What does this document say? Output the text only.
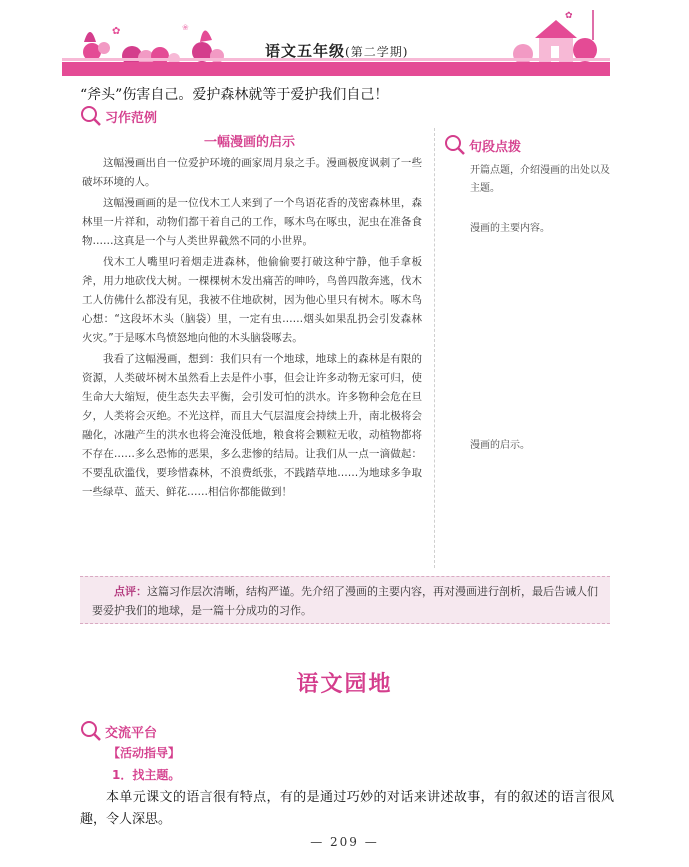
✿	❀
✿
语文五年级(第二学期)
“斧头”伤害自己。爱护森林就等于爱护我们自己！
习作范例
一幅漫画的启示

这幅漫画出自一位爱护环境的画家周月泉之手。漫画极度讽刺了一些破坏环境的人。

这幅漫画画的是一位伐木工人来到了一个鸟语花香的茂密森林里，森林里一片祥和，动物们都干着自己的工作，啄木鸟在啄虫，泥虫在准备食物……这真是一个与人类世界截然不同的小世界。

伐木工人嘴里叼着烟走进森林，他偷偷要打破这种宁静，他手拿板斧，用力地砍伐大树。一棵棵树木发出痛苦的呻吟，鸟兽四散奔逃，伐木工人仿佛什么都没有见，我被不住地砍树，因为他心里只有树木。啄木鸟心想：“这段坏木头（脑袋）里，一定有虫……烟头如果乱扔会引发森林火灾。”于是啄木鸟愤怒地向他的木头脑袋啄去。

我看了这幅漫画，想到：我们只有一个地球，地球上的森林是有限的资源，人类破坏树木虽然看上去是件小事，但会让许多动物无家可归，使生命大大缩短，使生态失去平衡，会引发可怕的洪水。许多物种会危在旦夕，人类将会灭绝。不光这样，而且大气层温度会持续上升，南北极将会融化，冰融产生的洪水也将会淹没低地，粮食将会颗粒无收，动植物都将不存在……多么恐怖的恶果，多么悲惨的结局。让我们从一点一滴做起：不要乱砍滥伐，要珍惜森林，不浪费纸张，不践踏草地……为地球多争取一些绿草、蓝天、鲜花……相信你都能做到！

句段点拨
开篇点题，介绍漫画的出处以及主题。
漫画的主要内容。
漫画的启示。
点评：这篇习作层次清晰，结构严谨。先介绍了漫画的主要内容，再对漫画进行剖析，最后告诫人们要爱护我们的地球，是一篇十分成功的习作。
语文园地
交流平台
【活动指导】
1．找主题。
本单元课文的语言很有特点，有的是通过巧妙的对话来讲述故事，有的叙述的语言很风趣，令人深思。
— 209 —
